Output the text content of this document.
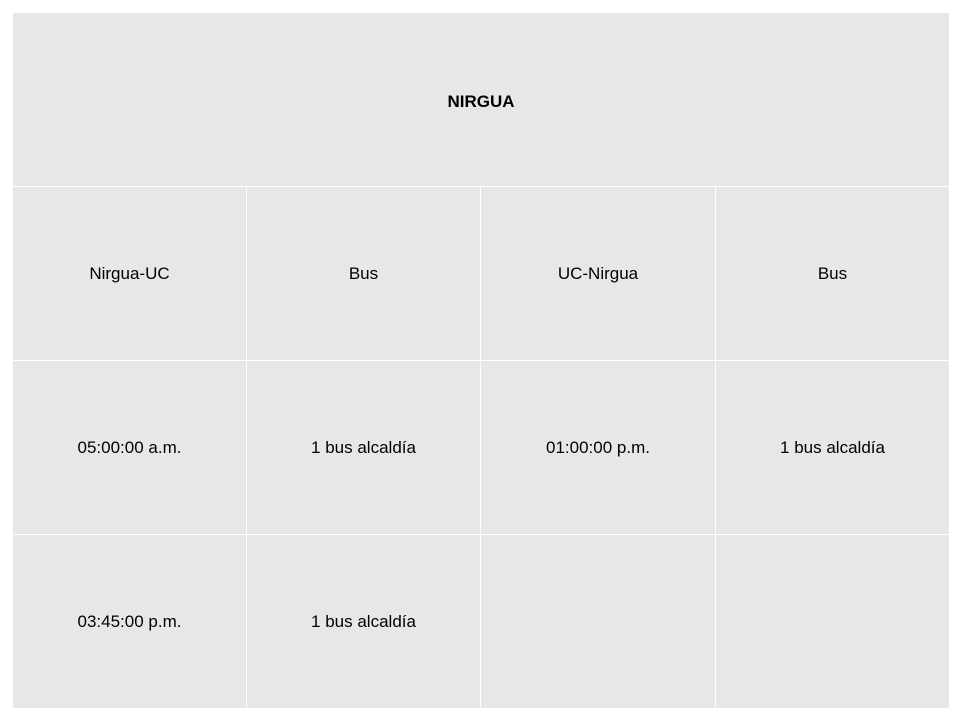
NIRGUA			
Nirgua-UC	Bus	UC-Nirgua	Bus
05:00:00 a.m.	1 bus alcaldía	01:00:00 p.m.	1 bus alcaldía
03:45:00 p.m.	1 bus alcaldía		
